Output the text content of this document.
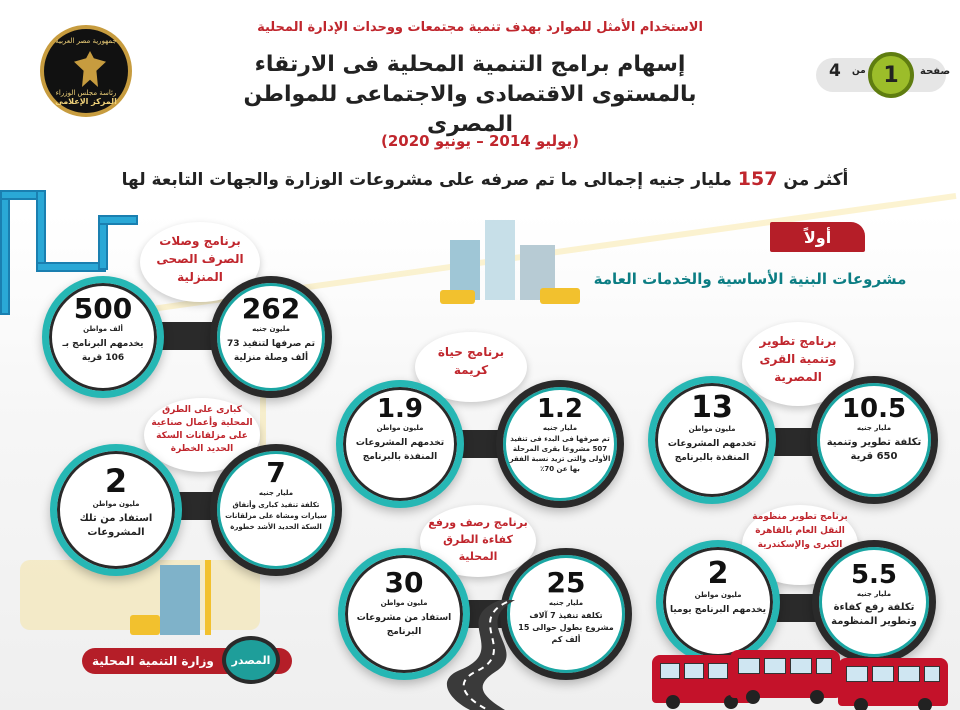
جمهورية مصر العربية
رئاسة مجلس الوزراء
المركز الإعلامى
الاستخدام الأمثل للموارد بهدف تنمية مجتمعات ووحدات الإدارة المحلية
إسهام برامج التنمية المحلية فى الارتقاء
بالمستوى الاقتصادى والاجتماعى للمواطن المصرى
(يوليو 2014 – يونيو 2020)
أكثر من 157 مليار جنيه إجمالى ما تم صرفه على مشروعات الوزارة والجهات التابعة لها
صفحة
1
من
4
أولاً
مشروعات البنية الأساسية والخدمات العامة
برنامج وصلات الصرف الصحى المنزلية
262
مليون جنيه
تم صرفها لتنفيذ 73 ألف وصلة منزلية
500
ألف مواطن
يخدمهم البرنامج بـ 106 قرية	برنامج حياة كريمة
1.2
مليار جنيه
تم صرفها فى البدء فى تنفيذ 507 مشروعا بقرى المرحلة الأولى والتى تزيد نسبة الفقر بها عن 70٪
1.9
مليون مواطن
تخدمهم المشروعات المنفذة بالبرنامج
برنامج تطوير وتنمية القرى المصرية
10.5
مليار جنيه
تكلفة تطوير وتنمية 650 قرية
13
مليون مواطن
تخدمهم المشروعات المنفذة بالبرنامج
كبارى على الطرق المحلية وأعمال صناعية على مزلقانات السكة الحديد الخطرة
7
مليار جنيه
تكلفة تنفيذ كبارى وأنفاق سيارات ومشاة على مزلقانات السكة الحديد الأشد خطورة
2
مليون مواطن
استفاد من تلك المشروعات
برنامج رصف ورفع كفاءة الطرق المحلية
25
مليار جنيه
تكلفة تنفيذ 7 آلاف مشروع بطول حوالى 15 ألف كم
30
مليون مواطن
استفاد من مشروعات البرنامج
برنامج تطوير منظومة النقل العام بالقاهرة الكبرى والإسكندرية
5.5
مليار جنيه
تكلفة رفع كفاءة وتطوير المنظومة
2
مليون مواطن
يخدمهم البرنامج يوميا
وزارة التنمية المحلية	المصدر
